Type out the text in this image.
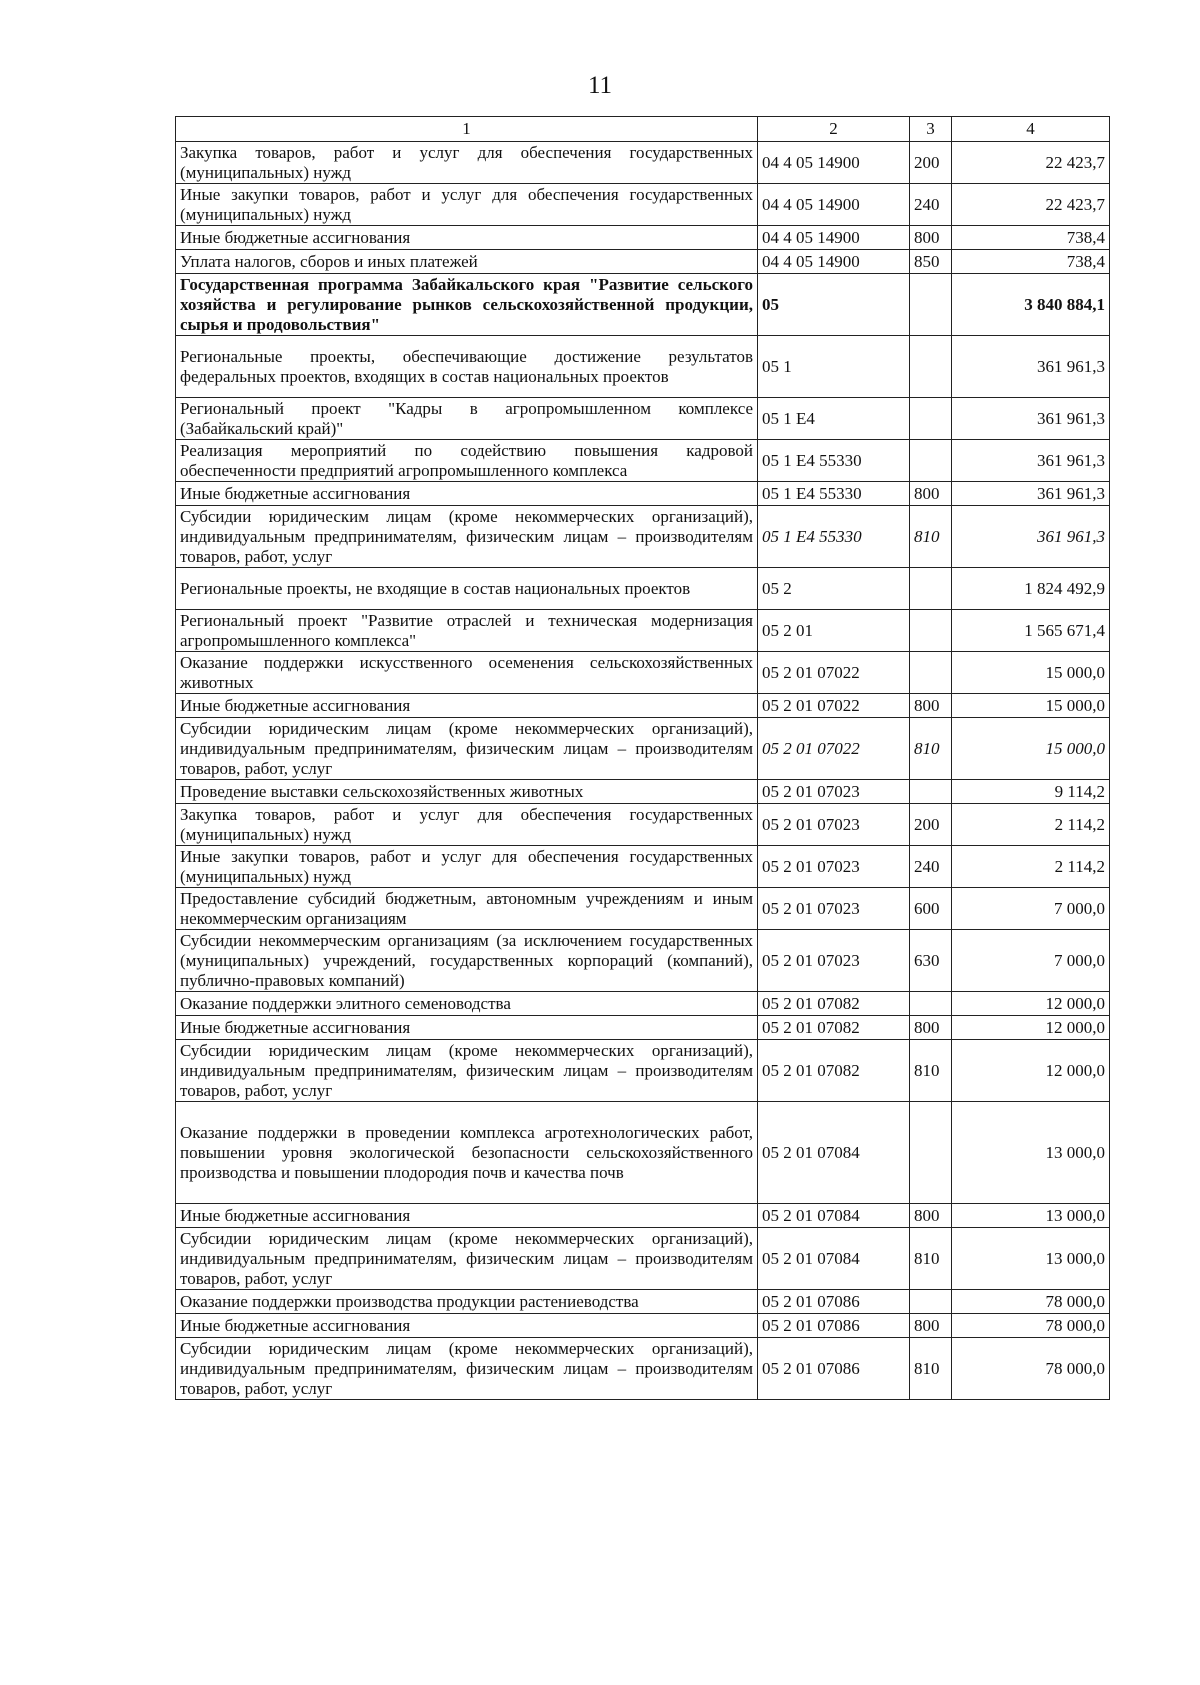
11
1	2	3	4
Закупка товаров, работ и услуг для обеспечения государственных (муниципальных) нужд	04 4 05 14900	200	22 423,7
Иные закупки товаров, работ и услуг для обеспечения государственных (муниципальных) нужд	04 4 05 14900	240	22 423,7
Иные бюджетные ассигнования	04 4 05 14900	800	738,4
Уплата налогов, сборов и иных платежей	04 4 05 14900	850	738,4
Государственная программа Забайкальского края "Развитие сельского хозяйства и регулирование рынков сельскохозяйственной продукции, сырья и продовольствия"	05		3 840 884,1
Региональные проекты, обеспечивающие достижение результатов федеральных проектов, входящих в состав национальных проектов	05 1		361 961,3
Региональный проект "Кадры в агропромышленном комплексе (Забайкальский край)"	05 1 Е4		361 961,3
Реализация мероприятий по содействию повышения кадровой обеспеченности предприятий агропромышленного комплекса	05 1 Е4 55330		361 961,3
Иные бюджетные ассигнования	05 1 Е4 55330	800	361 961,3
Субсидии юридическим лицам (кроме некоммерческих организаций), индивидуальным предпринимателям, физическим лицам – производителям товаров, работ, услуг	05 1 Е4 55330	810	361 961,3
Региональные проекты, не входящие в состав национальных проектов	05 2		1 824 492,9
Региональный проект "Развитие отраслей и техническая модернизация агропромышленного комплекса"	05 2 01		1 565 671,4
Оказание поддержки искусственного осеменения сельскохозяйственных животных	05 2 01 07022		15 000,0
Иные бюджетные ассигнования	05 2 01 07022	800	15 000,0
Субсидии юридическим лицам (кроме некоммерческих организаций), индивидуальным предпринимателям, физическим лицам – производителям товаров, работ, услуг	05 2 01 07022	810	15 000,0
Проведение выставки сельскохозяйственных животных	05 2 01 07023		9 114,2
Закупка товаров, работ и услуг для обеспечения государственных (муниципальных) нужд	05 2 01 07023	200	2 114,2
Иные закупки товаров, работ и услуг для обеспечения государственных (муниципальных) нужд	05 2 01 07023	240	2 114,2
Предоставление субсидий бюджетным, автономным учреждениям и иным некоммерческим организациям	05 2 01 07023	600	7 000,0
Субсидии некоммерческим организациям (за исключением государственных (муниципальных) учреждений, государственных корпораций (компаний), публично-правовых компаний)	05 2 01 07023	630	7 000,0
Оказание поддержки элитного семеноводства	05 2 01 07082		12 000,0
Иные бюджетные ассигнования	05 2 01 07082	800	12 000,0
Субсидии юридическим лицам (кроме некоммерческих организаций), индивидуальным предпринимателям, физическим лицам – производителям товаров, работ, услуг	05 2 01 07082	810	12 000,0
Оказание поддержки в проведении комплекса агротехнологических работ, повышении уровня экологической безопасности сельскохозяйственного производства и повышении плодородия почв и качества почв	05 2 01 07084		13 000,0
Иные бюджетные ассигнования	05 2 01 07084	800	13 000,0
Субсидии юридическим лицам (кроме некоммерческих организаций), индивидуальным предпринимателям, физическим лицам – производителям товаров, работ, услуг	05 2 01 07084	810	13 000,0
Оказание поддержки производства продукции растениеводства	05 2 01 07086		78 000,0
Иные бюджетные ассигнования	05 2 01 07086	800	78 000,0
Субсидии юридическим лицам (кроме некоммерческих организаций), индивидуальным предпринимателям, физическим лицам – производителям товаров, работ, услуг	05 2 01 07086	810	78 000,0
